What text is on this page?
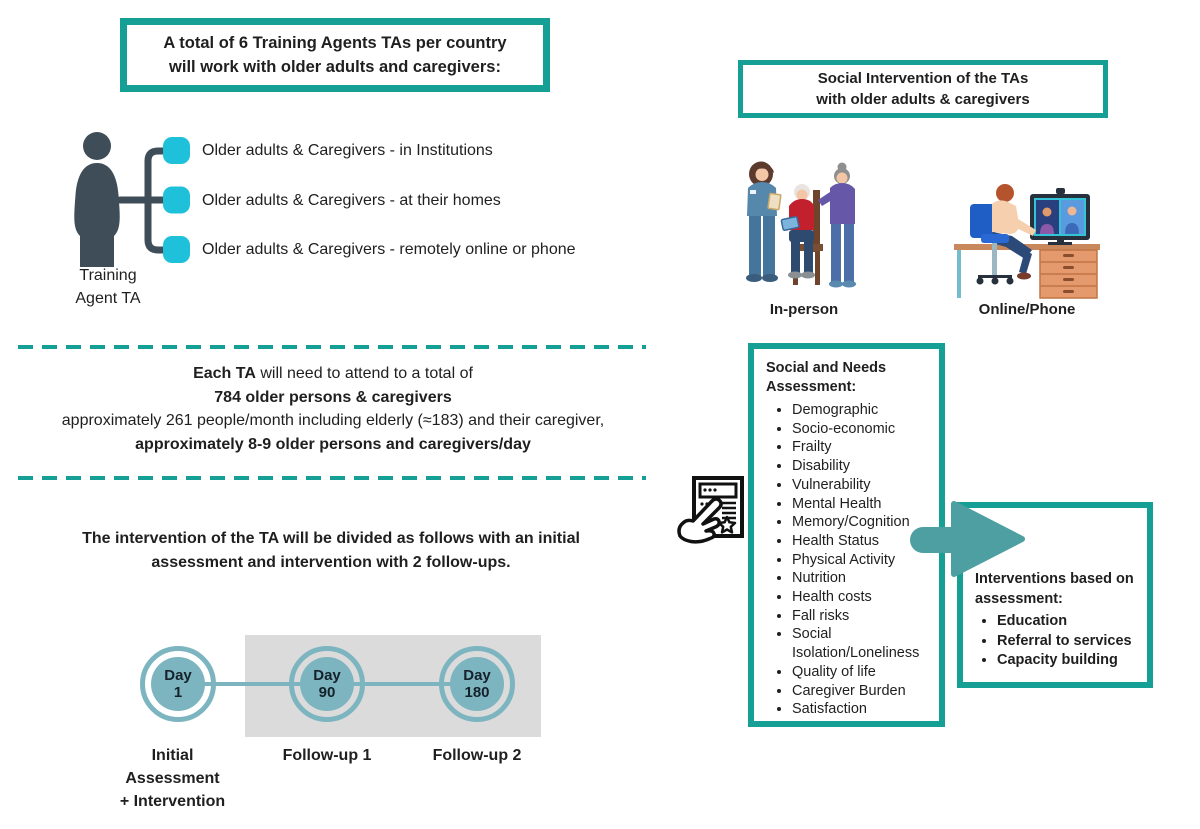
A total of 6 Training Agents TAs per country
will work with older adults and caregivers:
Older adults & Caregivers - in Institutions
Older adults & Caregivers - at their homes
Older adults & Caregivers - remotely online or phone
Training
Agent TA
Each TA will need to attend to a total of
784 older persons & caregivers
approximately 261 people/month including elderly (≈183) and their caregiver,
approximately 8-9 older persons and caregivers/day
The intervention of the TA will be divided as follows with an initial
assessment and intervention with 2 follow-ups.
Day
1
Day
90
Day
180
Initial
Assessment
+ Intervention
Follow-up 1	Follow-up 2
Social Intervention of the TAs
with older adults & caregivers
In-person	Online/Phone
Social and Needs
Assessment:
• Demographic
• Socio-economic
• Frailty
• Disability
• Vulnerability
• Mental Health
• Memory/Cognition
• Health Status
• Physical Activity
• Nutrition
• Health costs
• Fall risks
• Social Isolation/Loneliness
• Quality of life
• Caregiver Burden
• Satisfaction
Interventions based on
assessment:
• Education
• Referral to services
• Capacity building
